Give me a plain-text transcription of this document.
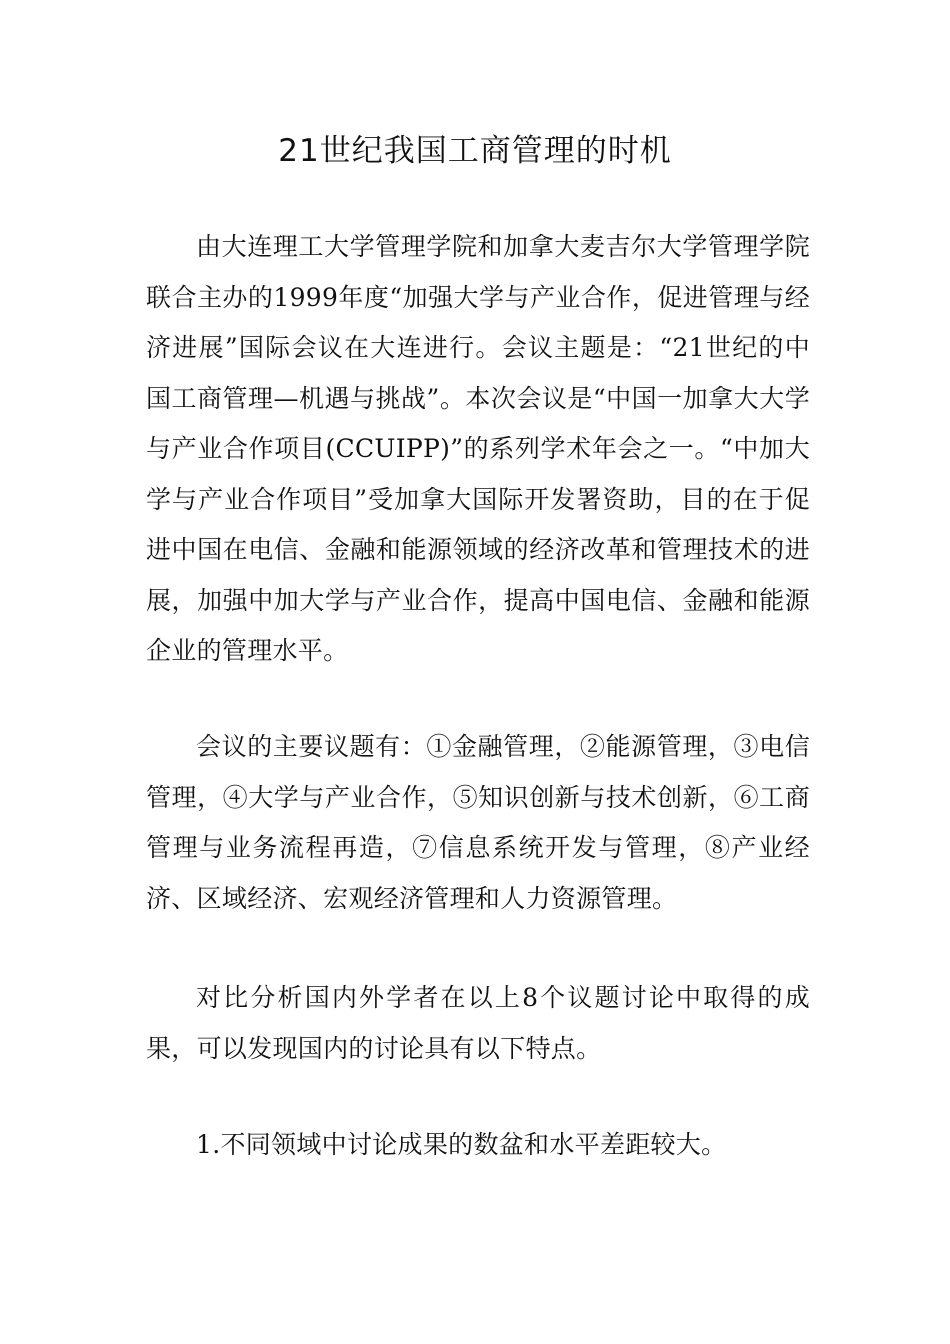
21世纪我国工商管理的时机

由大连理工大学管理学院和加拿大麦吉尔大学管理学院联合主办的1999年度“加强大学与产业合作，促进管理与经济进展”国际会议在大连进行。会议主题是：“21世纪的中国工商管理—机遇与挑战”。本次会议是“中国一加拿大大学与产业合作项目(CCUIPP)”的系列学术年会之一。“中加大学与产业合作项目”受加拿大国际开发署资助，目的在于促进中国在电信、金融和能源领域的经济改革和管理技术的进展，加强中加大学与产业合作，提高中国电信、金融和能源企业的管理水平。

会议的主要议题有：①金融管理，②能源管理，③电信管理，④大学与产业合作，⑤知识创新与技术创新，⑥工商管理与业务流程再造，⑦信息系统开发与管理，⑧产业经济、区域经济、宏观经济管理和人力资源管理。

对比分析国内外学者在以上8个议题讨论中取得的成果，可以发现国内的讨论具有以下特点。

1.不同领域中讨论成果的数盆和水平差距较大。
